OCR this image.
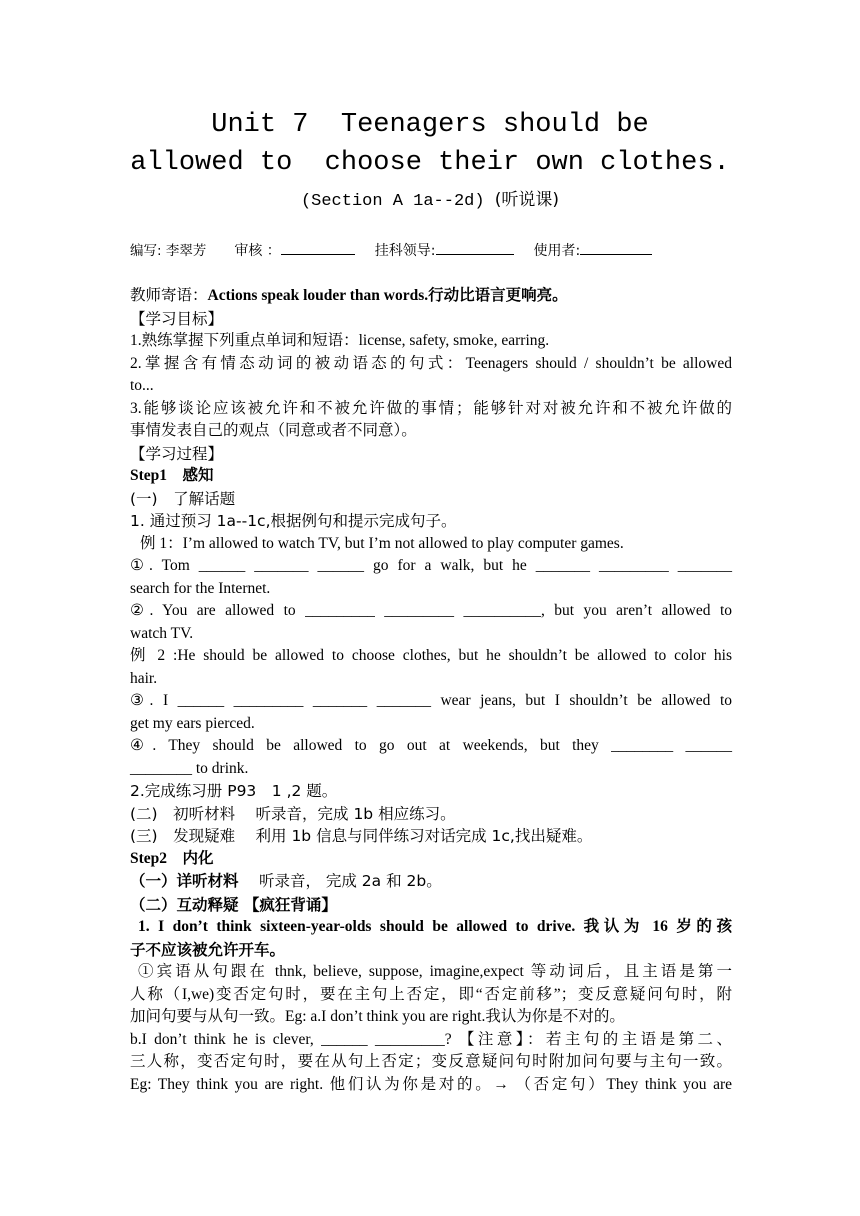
Unit 7  Teenagers should be
allowed to  choose their own clothes.
(Section A 1a--2d) (听说课)
编写: 李翠芳 审核 ：	挂科领导:	使用者:

教师寄语：Actions speak louder than words.行动比语言更响亮。

【学习目标】

1.熟练掌握下列重点单词和短语：license, safety, smoke, earring.

2.掌握含有情态动词的被动语态的句式：Teenagers should / shouldn’t be allowed

to...

3.能够谈论应该被允许和不被允许做的事情；能够针对对被允许和不被允许做的

事情发表自己的观点（同意或者不同意）。

【学习过程】

Step1　感知

(一)　了解话题

1. 通过预习 1a--1c,根据例句和提示完成句子。

例 1：I’m allowed to watch TV, but I’m not allowed to play computer games.

①. Tom ______ _______ ______ go for a walk, but he _______ _________ _______

search for the Internet.

②. You are allowed to _________ _________ __________, but you aren’t allowed to

watch TV.

例 2 :He should be allowed to choose clothes, but he shouldn’t be allowed to color his

hair.

③. I ______ _________ _______ _______ wear jeans, but I shouldn’t be allowed to

get my ears pierced.

④. They should be allowed to go out at weekends, but they ________ ______

________ to drink.

2.完成练习册 P93　1 ,2 题。

(二)　初听材料　 听录音，完成 1b 相应练习。

(三)　发现疑难　 利用 1b 信息与同伴练习对话完成 1c,找出疑难。

Step2　内化

（一）详听材料　 听录音， 完成 2a 和 2b。

（二）互动释疑 【疯狂背诵】

1. I don’t think sixteen-year-olds should be allowed to drive. 我认为 16 岁的孩

子不应该被允许开车。

①宾语从句跟在 thnk, believe, suppose, imagine,expect 等动词后，且主语是第一

人称（I,we)变否定句时，要在主句上否定，即“否定前移”；变反意疑问句时，附

加问句要与从句一致。Eg: a.I don’t think you are right.我认为你是不对的。

b.I don’t think he is clever, ______ _________? 【注意】：若主句的主语是第二、

三人称，变否定句时，要在从句上否定；变反意疑问句时附加问句要与主句一致。

Eg: They think you are right. 他们认为你是对的。→ （否定句）They think you are
